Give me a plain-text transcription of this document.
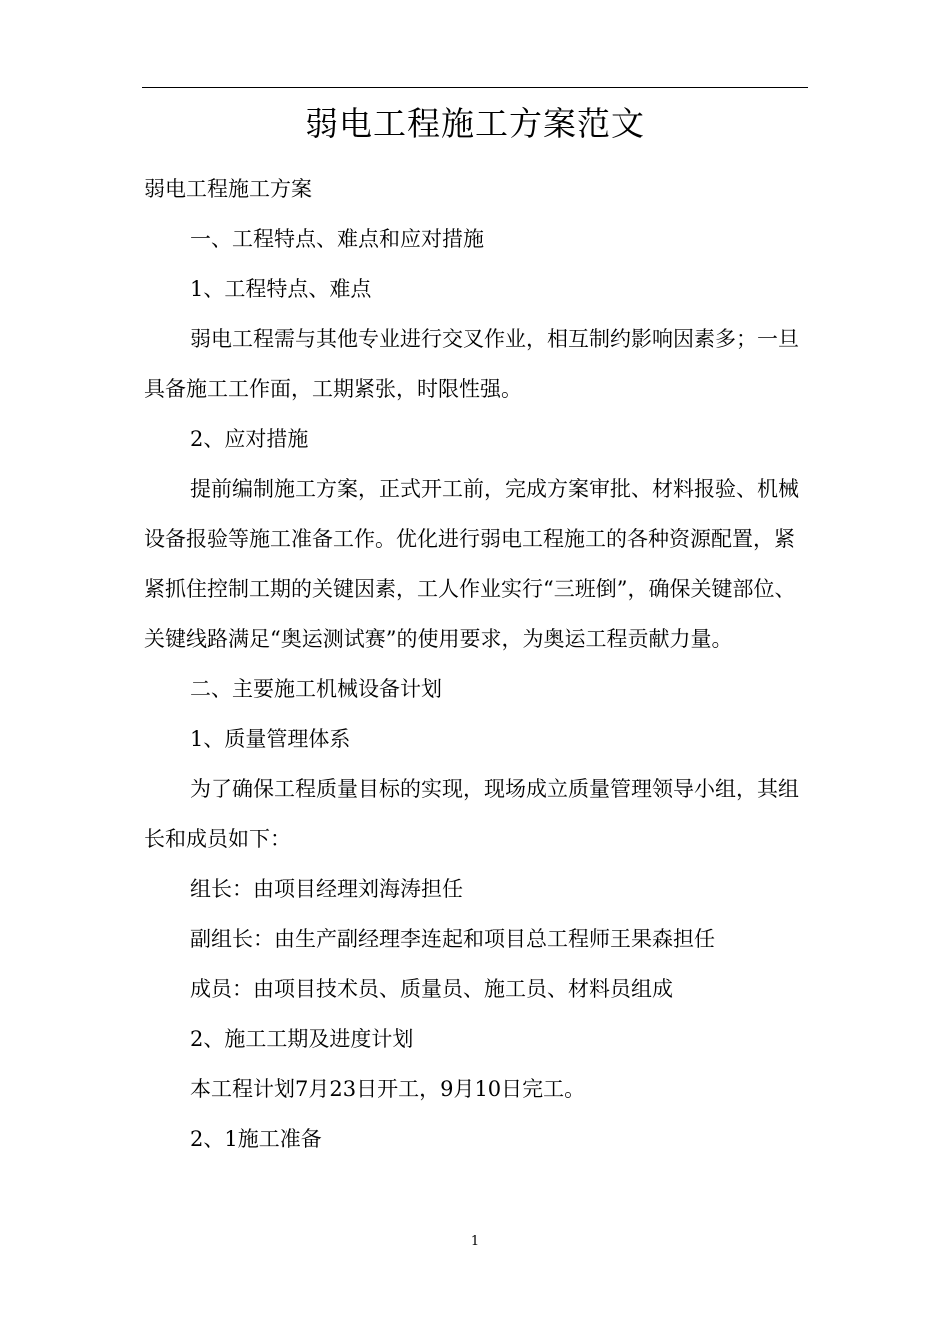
弱电工程施工方案范文

弱电工程施工方案

一、工程特点、难点和应对措施

1、工程特点、难点

弱电工程需与其他专业进行交叉作业，相互制约影响因素多；一旦具备施工工作面，工期紧张，时限性强。

2、应对措施

提前编制施工方案，正式开工前，完成方案审批、材料报验、机械设备报验等施工准备工作。优化进行弱电工程施工的各种资源配置，紧紧抓住控制工期的关键因素，工人作业实行“三班倒”，确保关键部位、关键线路满足“奥运测试赛”的使用要求，为奥运工程贡献力量。

二、主要施工机械设备计划

1、质量管理体系

为了确保工程质量目标的实现，现场成立质量管理领导小组，其组长和成员如下：

组长：由项目经理刘海涛担任

副组长：由生产副经理李连起和项目总工程师王果森担任

成员：由项目技术员、质量员、施工员、材料员组成

2、施工工期及进度计划

本工程计划7月23日开工，9月10日完工。

2、1施工准备

1
